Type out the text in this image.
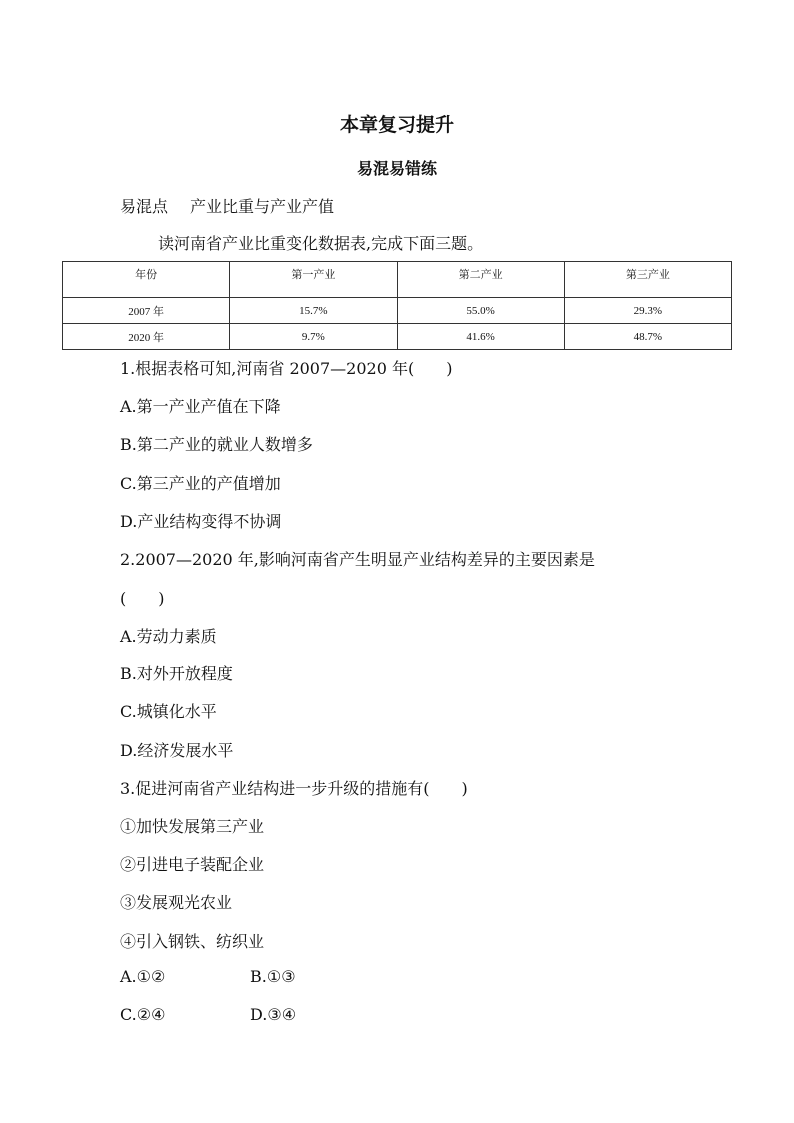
本章复习提升
易混易错练
易混点 产业比重与产业产值
读河南省产业比重变化数据表,完成下面三题。
年份	第一产业	第二产业	第三产业
2007 年	15.7%	55.0%	29.3%
2020 年	9.7%	41.6%	48.7%
1.根据表格可知,河南省 2007—2020 年(　　)
A.第一产业产值在下降
B.第二产业的就业人数增多
C.第三产业的产值增加
D.产业结构变得不协调
2.2007—2020 年,影响河南省产生明显产业结构差异的主要因素是
(　　)
A.劳动力素质
B.对外开放程度
C.城镇化水平
D.经济发展水平
3.促进河南省产业结构进一步升级的措施有(　　)
①加快发展第三产业
②引进电子装配企业
③发展观光农业
④引入钢铁、纺织业
A.①②	B.①③
C.②④	D.③④
